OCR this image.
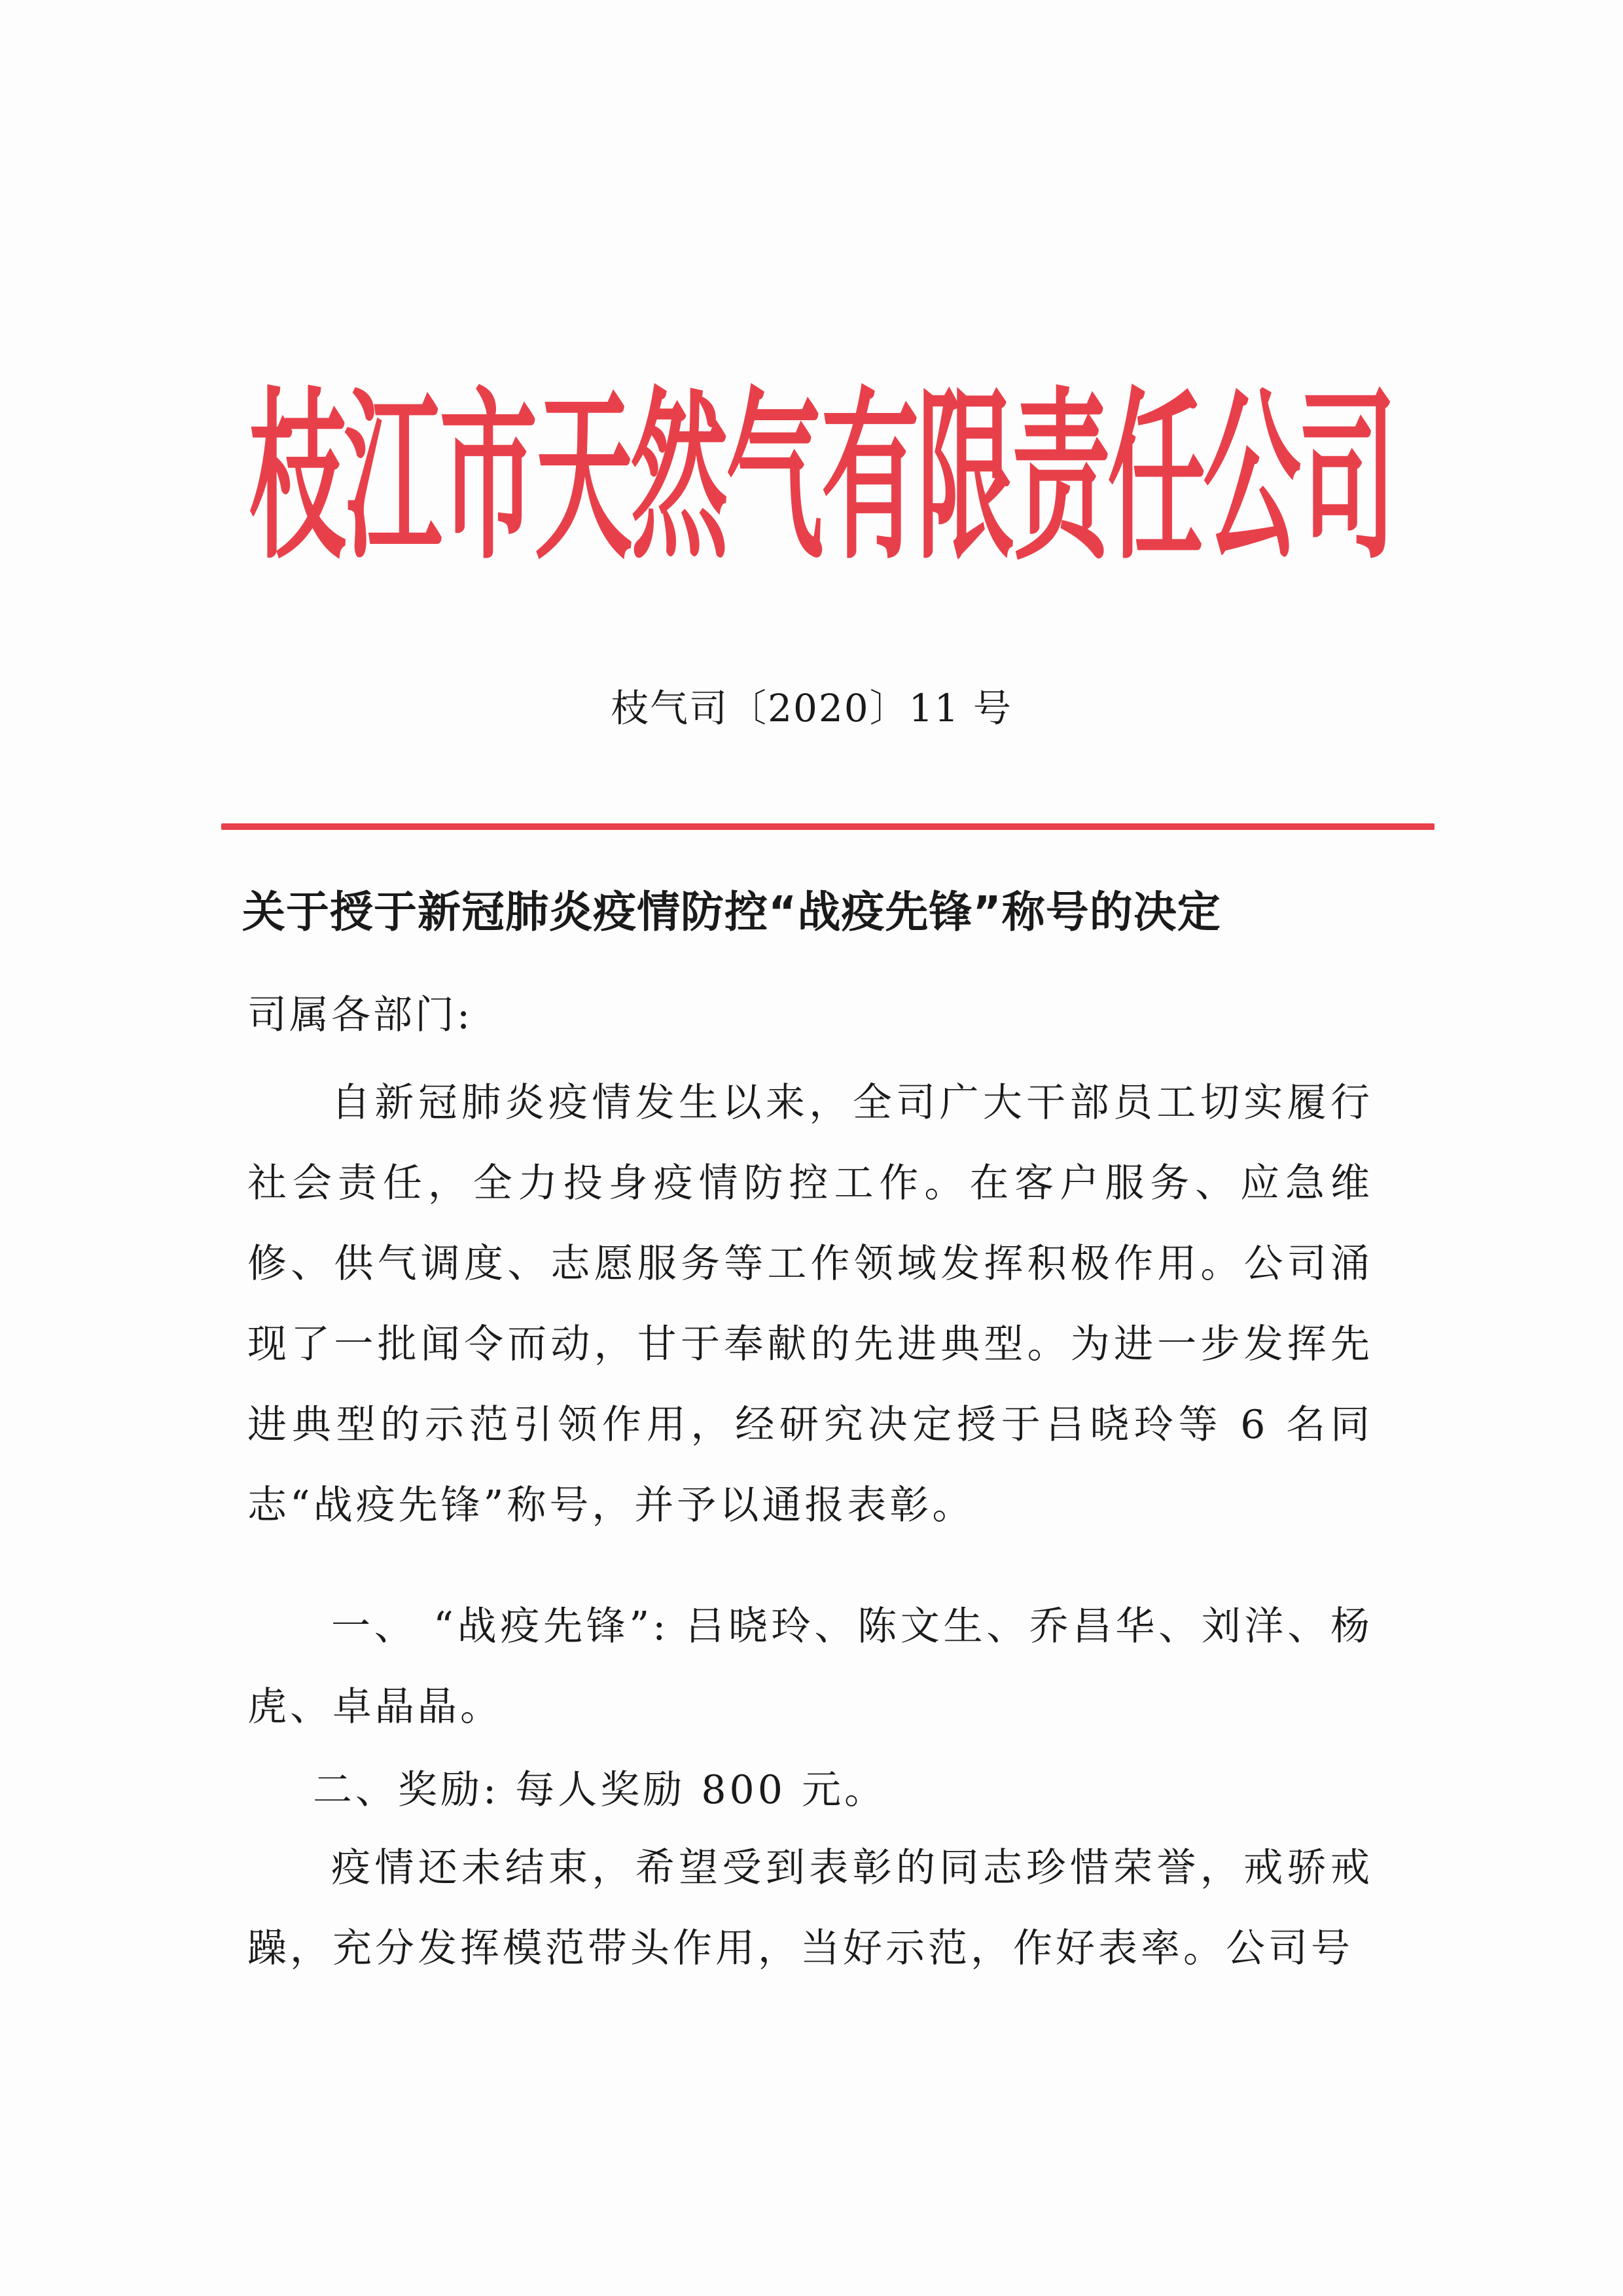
枝江市天然气有限责任公司
枝气司〔2020〕11 号
关于授于新冠肺炎疫情防控“战疫先锋”称号的决定
司属各部门:
自新冠肺炎疫情发生以来，全司广大干部员工切实履行社会责任，全力投身疫情防控工作。在客户服务、应急维修、供气调度、志愿服务等工作领域发挥积极作用。公司涌现了一批闻令而动，甘于奉献的先进典型。为进一步发挥先进典型的示范引领作用，经研究决定授于吕晓玲等 6 名同志“战疫先锋”称号，并予以通报表彰。
一、 “战疫先锋”: 吕晓玲、陈文生、乔昌华、刘洋、杨虎、卓晶晶。
二、奖励: 每人奖励 800 元。
疫情还未结束，希望受到表彰的同志珍惜荣誉，戒骄戒躁，充分发挥模范带头作用，当好示范，作好表率。公司号
